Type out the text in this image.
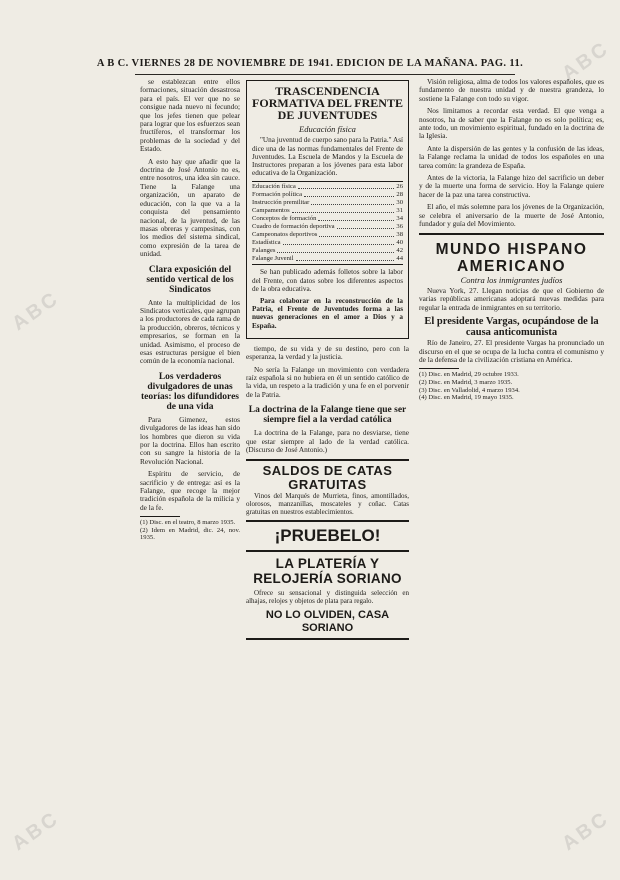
ABC
ABC
ABC	ABC
A B C. VIERNES 28 DE NOVIEMBRE DE 1941. EDICION DE LA MAÑANA. PAG. 11.

se establezcan entre ellos formaciones, situación desastrosa para el país. El ver que no se consigue nada nuevo ni fecundo; que los jefes tienen que pelear para lograr que los esfuerzos sean fructíferos, el transformar los problemas de la sociedad y del Estado.

A esto hay que añadir que la doctrina de José Antonio no es, entre nosotros, una idea sin cauce. Tiene la Falange una organización, un aparato de educación, con la que va a la conquista del pensamiento nacional, de la juventud, de las masas obreras y campesinas, con los medios del sistema sindical, como expresión de la tarea de unidad.

Clara exposición del sentido vertical de los Sindicatos

Ante la multiplicidad de los Sindicatos verticales, que agrupan a los productores de cada rama de la producción, obreros, técnicos y empresarios, se forman en la unidad. Asimismo, el proceso de esas estructuras persigue el bien común de la economía nacional.

Los verdaderos divulgadores de unas teorías: los difundidores de una vida

Para Gimenez, estos divulgadores de las ideas han sido los hombres que dieron su vida por la doctrina. Ellos han escrito con su sangre la historia de la Revolución Nacional.

Espíritu de servicio, de sacrificio y de entrega: así es la Falange, que recoge la mejor tradición española de la milicia y de la fe.

(1) Disc. en el teatro, 8 marzo 1935.

(2) Idem en Madrid, dic. 24, nov. 1935.

TRASCENDENCIA FORMATIVA DEL FRENTE DE JUVENTUDES
Educación física

"Una juventud de cuerpo sano para la Patria." Así dice una de las normas fundamentales del Frente de Juventudes. La Escuela de Mandos y la Escuela de Instructores preparan a los jóvenes para esta labor educativa de la Organización.

Educación física	26
Formación política	28
Instrucción premilitar	30
Campamentos	31
Conceptos de formación	34
Cuadro de formación deportiva	36
Campeonatos deportivos	38
Estadística	40
Falanges	42
Falange Juvenil	44

Se han publicado además folletos sobre la labor del Frente, con datos sobre los diferentes aspectos de la obra educativa.

Para colaborar en la reconstrucción de la Patria, el Frente de Juventudes forma a las nuevas generaciones en el amor a Dios y a España.

tiempo, de su vida y de su destino, pero con la esperanza, la verdad y la justicia.

No sería la Falange un movimiento con verdadera raíz española si no hubiera en él un sentido católico de la vida, un respeto a la tradición y una fe en el porvenir de la Patria.

La doctrina de la Falange tiene que ser siempre fiel a la verdad católica

La doctrina de la Falange, para no desviarse, tiene que estar siempre al lado de la verdad católica. (Discurso de José Antonio.)

SALDOS DE CATAS GRATUITAS

Vinos del Marqués de Murrieta, finos, amontillados, olorosos, manzanillas, moscateles y coñac. Catas gratuitas en nuestros establecimientos.

¡PRUEBELO!
LA PLATERÍA Y RELOJERÍA SORIANO

Ofrece su sensacional y distinguida selección en alhajas, relojes y objetos de plata para regalo.

NO LO OLVIDEN, CASA SORIANO

Visión religiosa, alma de todos los valores españoles, que es fundamento de nuestra unidad y de nuestra grandeza, lo sostiene la Falange con todo su vigor.

Nos limitamos a recordar esta verdad. El que venga a nosotros, ha de saber que la Falange no es solo política; es, ante todo, un movimiento espiritual, fundado en la doctrina de la Iglesia.

Ante la dispersión de las gentes y la confusión de las ideas, la Falange reclama la unidad de todos los españoles en una tarea común: la grandeza de España.

Antes de la victoria, la Falange hizo del sacrificio un deber y de la muerte una forma de servicio. Hoy la Falange quiere hacer de la paz una tarea constructiva.

El año, el más solemne para los jóvenes de la Organización, se celebra el aniversario de la muerte de José Antonio, fundador y guía del Movimiento.

MUNDO HISPANO AMERICANO
Contra los inmigrantes judíos

Nueva York, 27. Llegan noticias de que el Gobierno de varias repúblicas americanas adoptará nuevas medidas para regular la entrada de inmigrantes en su territorio.

El presidente Vargas, ocupándose de la causa anticomunista

Río de Janeiro, 27. El presidente Vargas ha pronunciado un discurso en el que se ocupa de la lucha contra el comunismo y de la defensa de la civilización cristiana en América.

(1) Disc. en Madrid, 29 octubre 1933.

(2) Disc. en Madrid, 3 marzo 1935.

(3) Disc. en Valladolid, 4 marzo 1934.

(4) Disc. en Madrid, 19 mayo 1935.
